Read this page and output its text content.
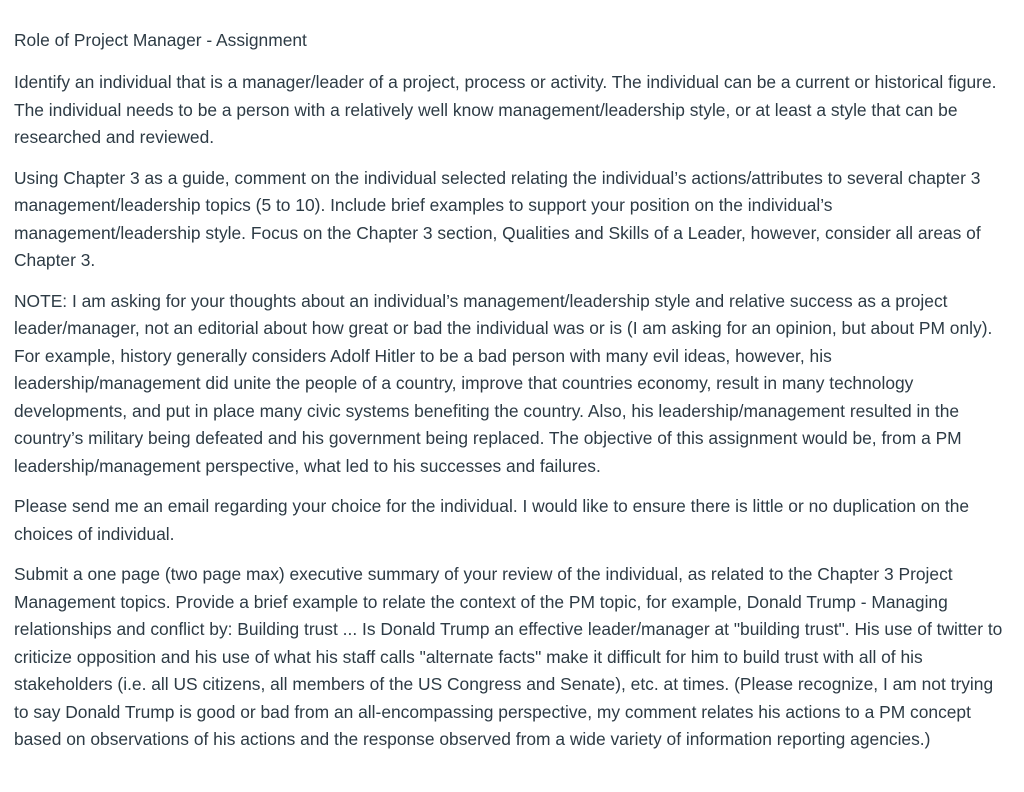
Role of Project Manager - Assignment

Identify an individual that is a manager/leader of a project, process or activity. The individual can be a current or historical figure. The individual needs to be a person with a relatively well know management/leadership style, or at least a style that can be researched and reviewed.

Using Chapter 3 as a guide, comment on the individual selected relating the individual’s actions/attributes to several chapter 3 management/leadership topics (5 to 10). Include brief examples to support your position on the individual’s management/leadership style. Focus on the Chapter 3 section, Qualities and Skills of a Leader, however, consider all areas of Chapter 3.

NOTE: I am asking for your thoughts about an individual’s management/leadership style and relative success as a project leader/manager, not an editorial about how great or bad the individual was or is (I am asking for an opinion, but about PM only). For example, history generally considers Adolf Hitler to be a bad person with many evil ideas, however, his leadership/management did unite the people of a country, improve that countries economy, result in many technology developments, and put in place many civic systems benefiting the country. Also, his leadership/management resulted in the country’s military being defeated and his government being replaced. The objective of this assignment would be, from a PM leadership/management perspective, what led to his successes and failures.

Please send me an email regarding your choice for the individual. I would like to ensure there is little or no duplication on the choices of individual.

Submit a one page (two page max) executive summary of your review of the individual, as related to the Chapter 3 Project Management topics. Provide a brief example to relate the context of the PM topic, for example, Donald Trump - Managing relationships and conflict by: Building trust ... Is Donald Trump an effective leader/manager at "building trust". His use of twitter to criticize opposition and his use of what his staff calls "alternate facts" make it difficult for him to build trust with all of his stakeholders (i.e. all US citizens, all members of the US Congress and Senate), etc. at times. (Please recognize, I am not trying to say Donald Trump is good or bad from an all-encompassing perspective, my comment relates his actions to a PM concept based on observations of his actions and the response observed from a wide variety of information reporting agencies.)
